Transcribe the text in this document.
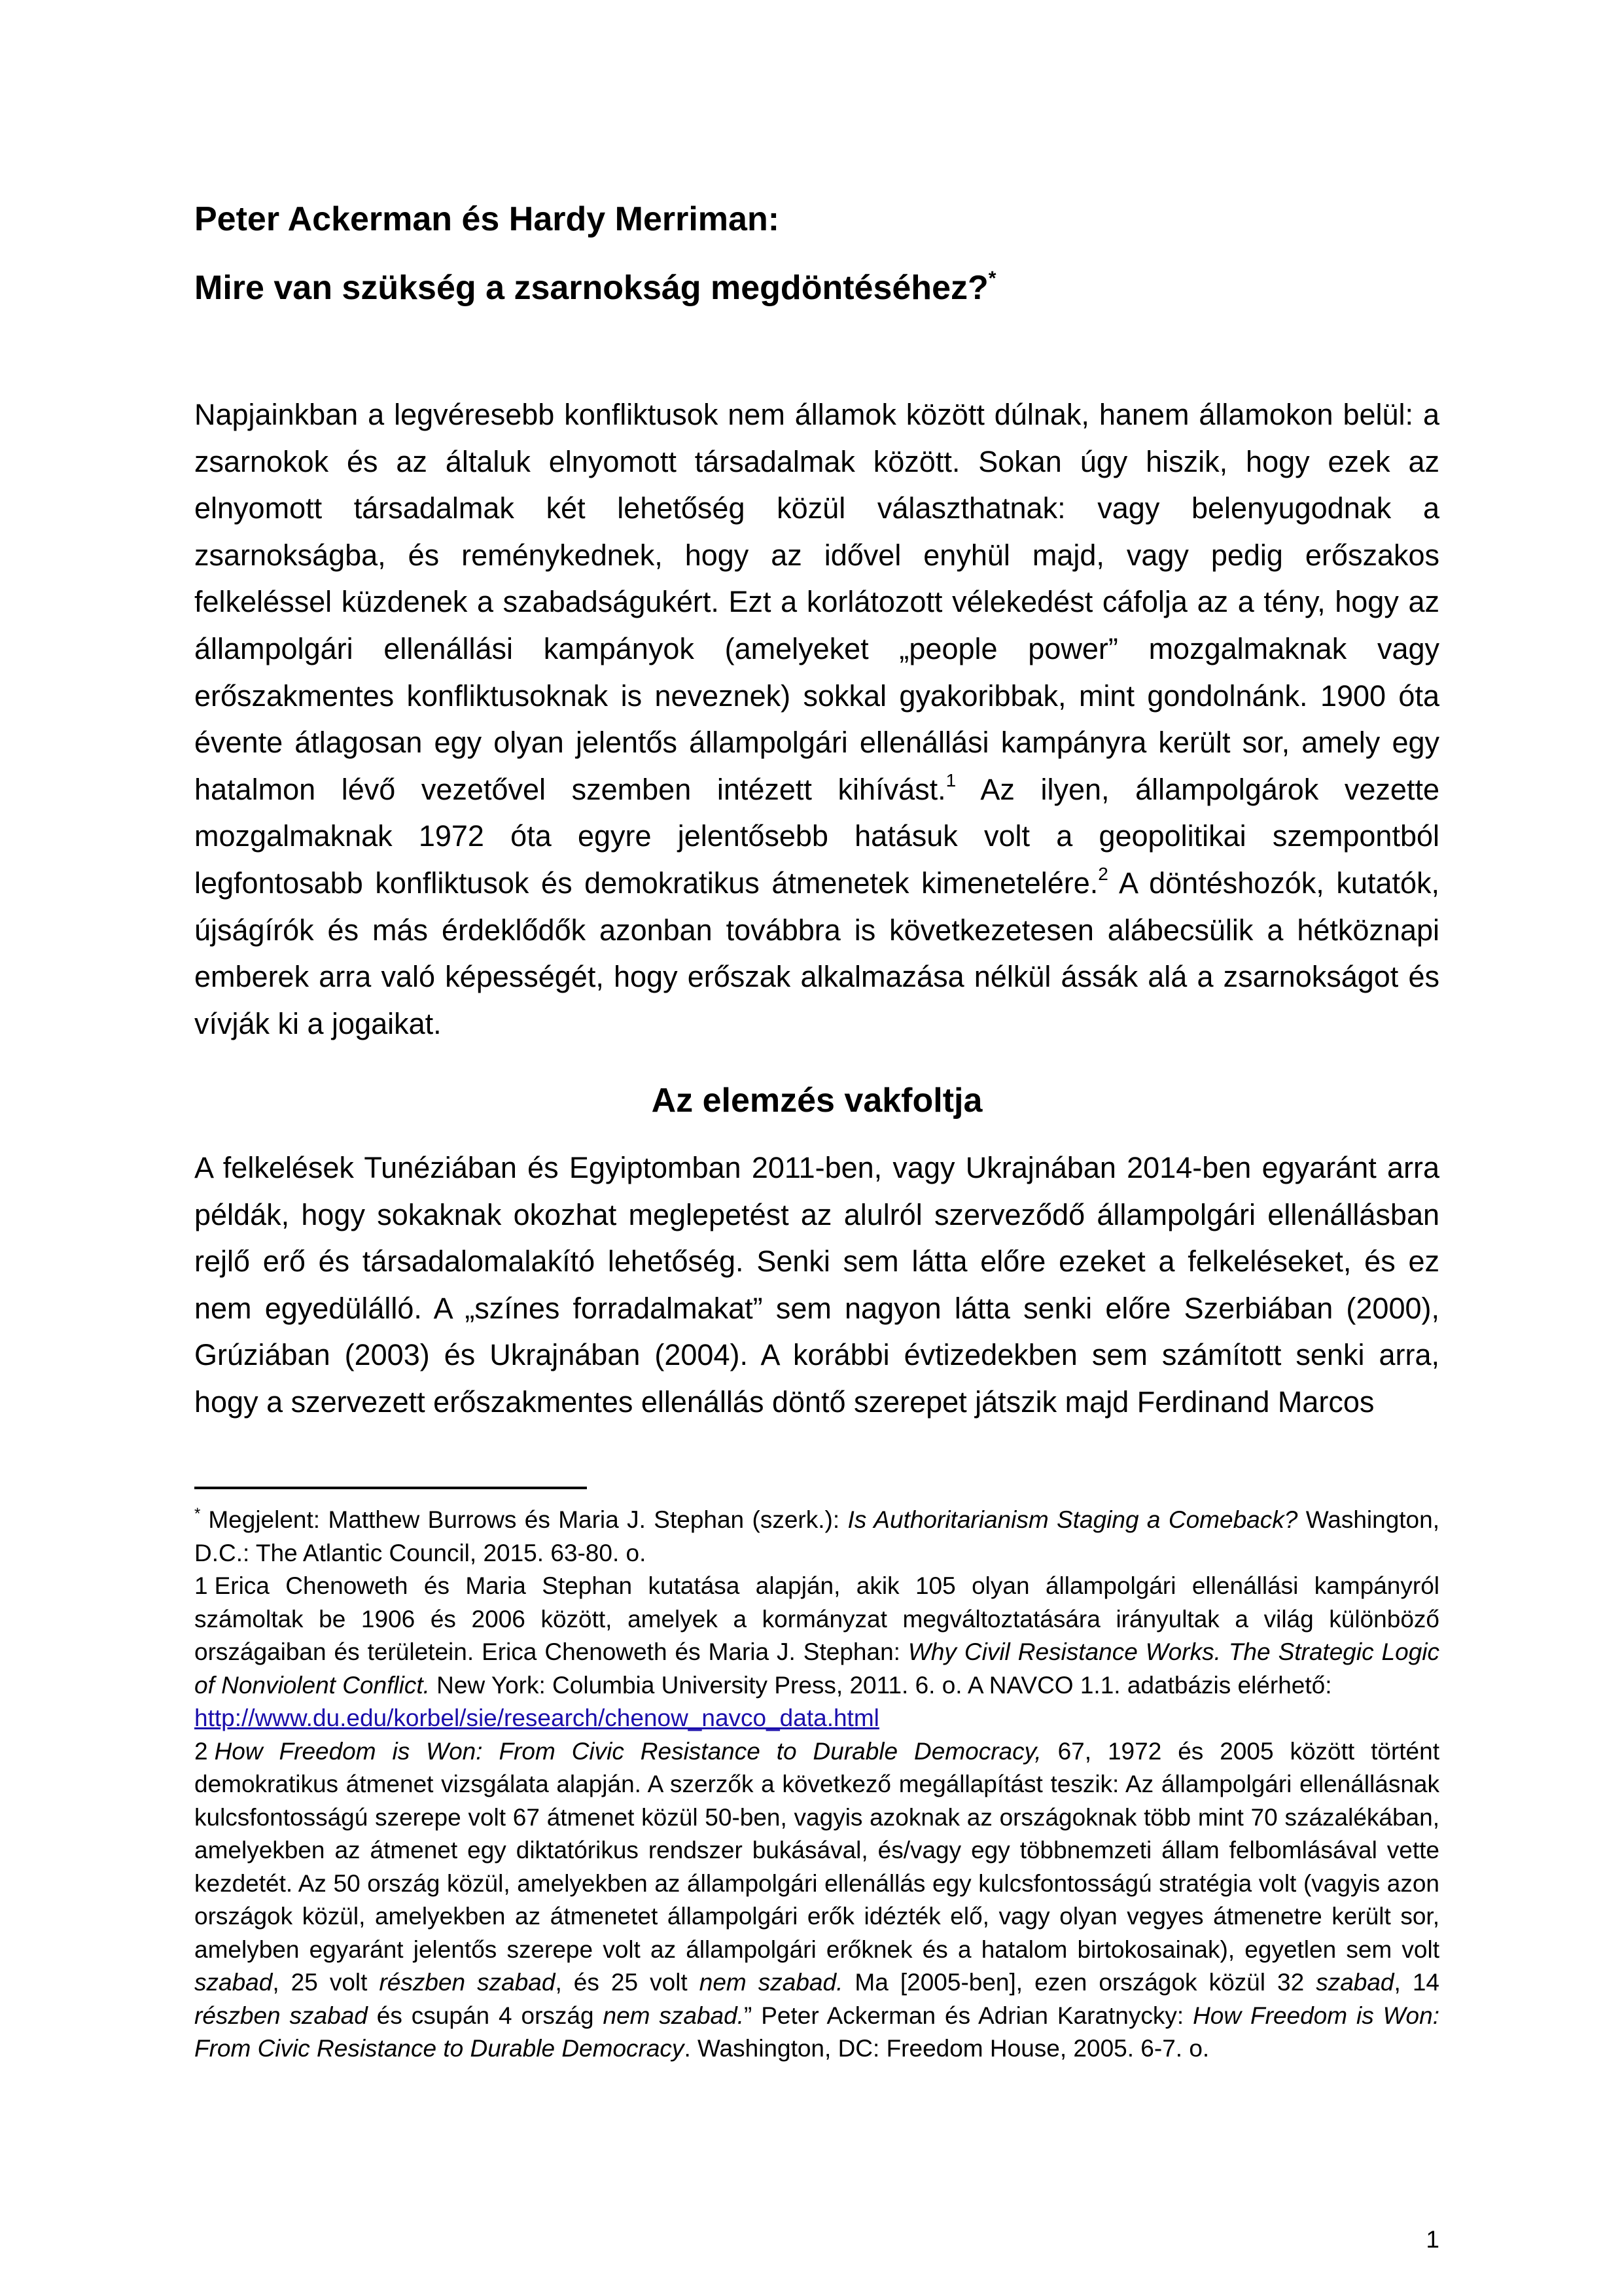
Peter Ackerman és Hardy Merriman:
Mire van szükség a zsarnokság megdöntéséhez?*

Napjainkban a legvéresebb konfliktusok nem államok között dúlnak, hanem államokon belül: a zsarnokok és az általuk elnyomott társadalmak között. Sokan úgy hiszik, hogy ezek az elnyomott társadalmak két lehetőség közül választhatnak: vagy belenyugodnak a zsarnokságba, és reménykednek, hogy az idővel enyhül majd, vagy pedig erőszakos felkeléssel küzdenek a szabadságukért. Ezt a korlátozott vélekedést cáfolja az a tény, hogy az állampolgári ellenállási kampányok (amelyeket „people power” mozgalmaknak vagy erőszakmentes konfliktusoknak is neveznek) sokkal gyakoribbak, mint gondolnánk. 1900 óta évente átlagosan egy olyan jelentős állampolgári ellenállási kampányra került sor, amely egy hatalmon lévő vezetővel szemben intézett kihívást.$^1$ Az ilyen, állampolgárok vezette mozgalmaknak 1972 óta egyre jelentősebb hatásuk volt a geopolitikai szempontból legfontosabb konfliktusok és demokratikus átmenetek kimenetelére.$^2$ A döntéshozók, kutatók, újságírók és más érdeklődők azonban továbbra is következetesen alábecsülik a hétköznapi emberek arra való képességét, hogy erőszak alkalmazása nélkül ássák alá a zsarnokságot és vívják ki a jogaikat.

Az elemzés vakfoltja

A felkelések Tunéziában és Egyiptomban 2011-ben, vagy Ukrajnában 2014-ben egyaránt arra példák, hogy sokaknak okozhat meglepetést az alulról szerveződő állampolgári ellenállásban rejlő erő és társadalomalakító lehetőség. Senki sem látta előre ezeket a felkeléseket, és ez nem egyedülálló. A „színes forradalmakat” sem nagyon látta senki előre Szerbiában (2000), Grúziában (2003) és Ukrajnában (2004). A korábbi évtizedekben sem számított senki arra, hogy a szervezett erőszakmentes ellenállás döntő szerepet játszik majd Ferdinand Marcos

* Megjelent: Matthew Burrows és Maria J. Stephan (szerk.): Is Authoritarianism Staging a Comeback? Washington, D.C.: The Atlantic Council, 2015. 63-80. o.

1 Erica Chenoweth és Maria Stephan kutatása alapján, akik 105 olyan állampolgári ellenállási kampányról számoltak be 1906 és 2006 között, amelyek a kormányzat megváltoztatására irányultak a világ különböző országaiban és területein. Erica Chenoweth és Maria J. Stephan: Why Civil Resistance Works. The Strategic Logic of Nonviolent Conflict. New York: Columbia University Press, 2011. 6. o. A NAVCO 1.1. adatbázis elérhető:
http://www.du.edu/korbel/sie/research/chenow_navco_data.html

2 How Freedom is Won: From Civic Resistance to Durable Democracy, 67, 1972 és 2005 között történt demokratikus átmenet vizsgálata alapján. A szerzők a következő megállapítást teszik: Az állampolgári ellenállásnak kulcsfontosságú szerepe volt 67 átmenet közül 50-ben, vagyis azoknak az országoknak több mint 70 százalékában, amelyekben az átmenet egy diktatórikus rendszer bukásával, és/vagy egy többnemzeti állam felbomlásával vette kezdetét. Az 50 ország közül, amelyekben az állampolgári ellenállás egy kulcsfontosságú stratégia volt (vagyis azon országok közül, amelyekben az átmenetet állampolgári erők idézték elő, vagy olyan vegyes átmenetre került sor, amelyben egyaránt jelentős szerepe volt az állampolgári erőknek és a hatalom birtokosainak), egyetlen sem volt szabad, 25 volt részben szabad, és 25 volt nem szabad. Ma [2005-ben], ezen országok közül 32 szabad, 14 részben szabad és csupán 4 ország nem szabad.” Peter Ackerman és Adrian Karatnycky: How Freedom is Won: From Civic Resistance to Durable Democracy. Washington, DC: Freedom House, 2005. 6-7. o.

1
